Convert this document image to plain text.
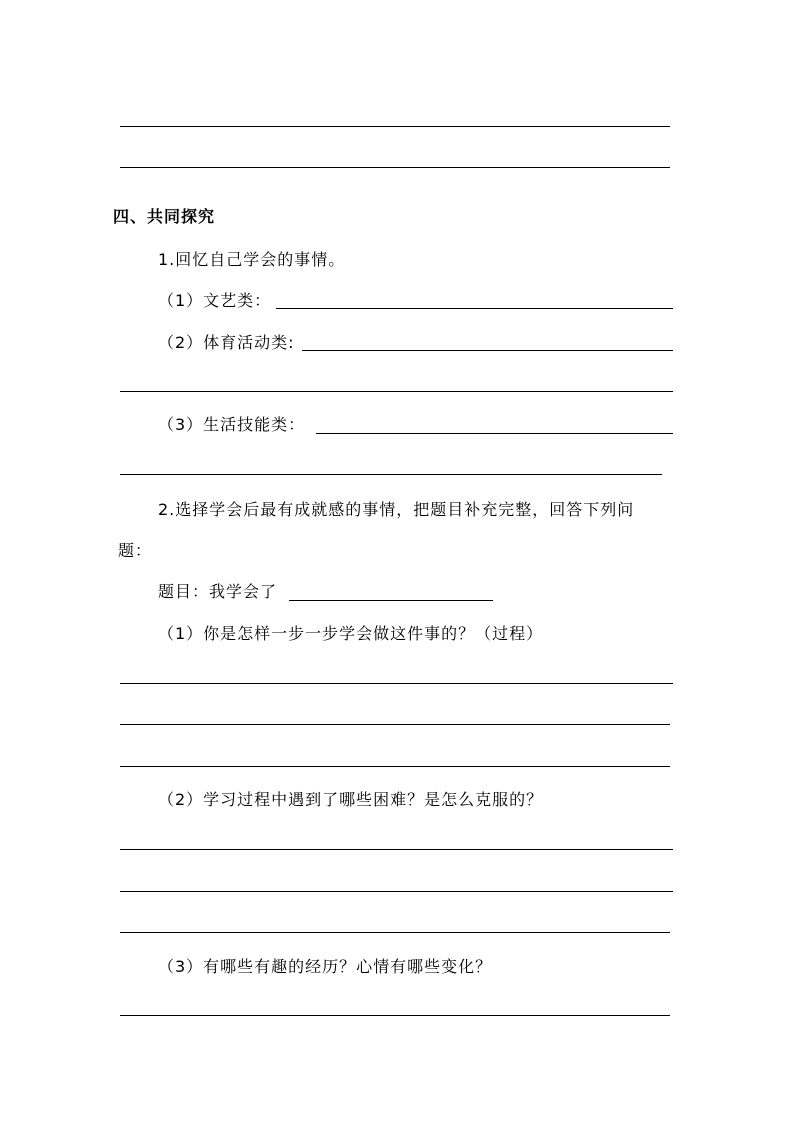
四、共同探究
1.回忆自己学会的事情。
（1）文艺类：
（2）体育活动类:
（3）生活技能类：
2.选择学会后最有成就感的事情，把题目补充完整，回答下列问
题：
题目：我学会了
（1）你是怎样一步一步学会做这件事的？（过程）
（2）学习过程中遇到了哪些困难？是怎么克服的？
（3）有哪些有趣的经历？心情有哪些变化？
